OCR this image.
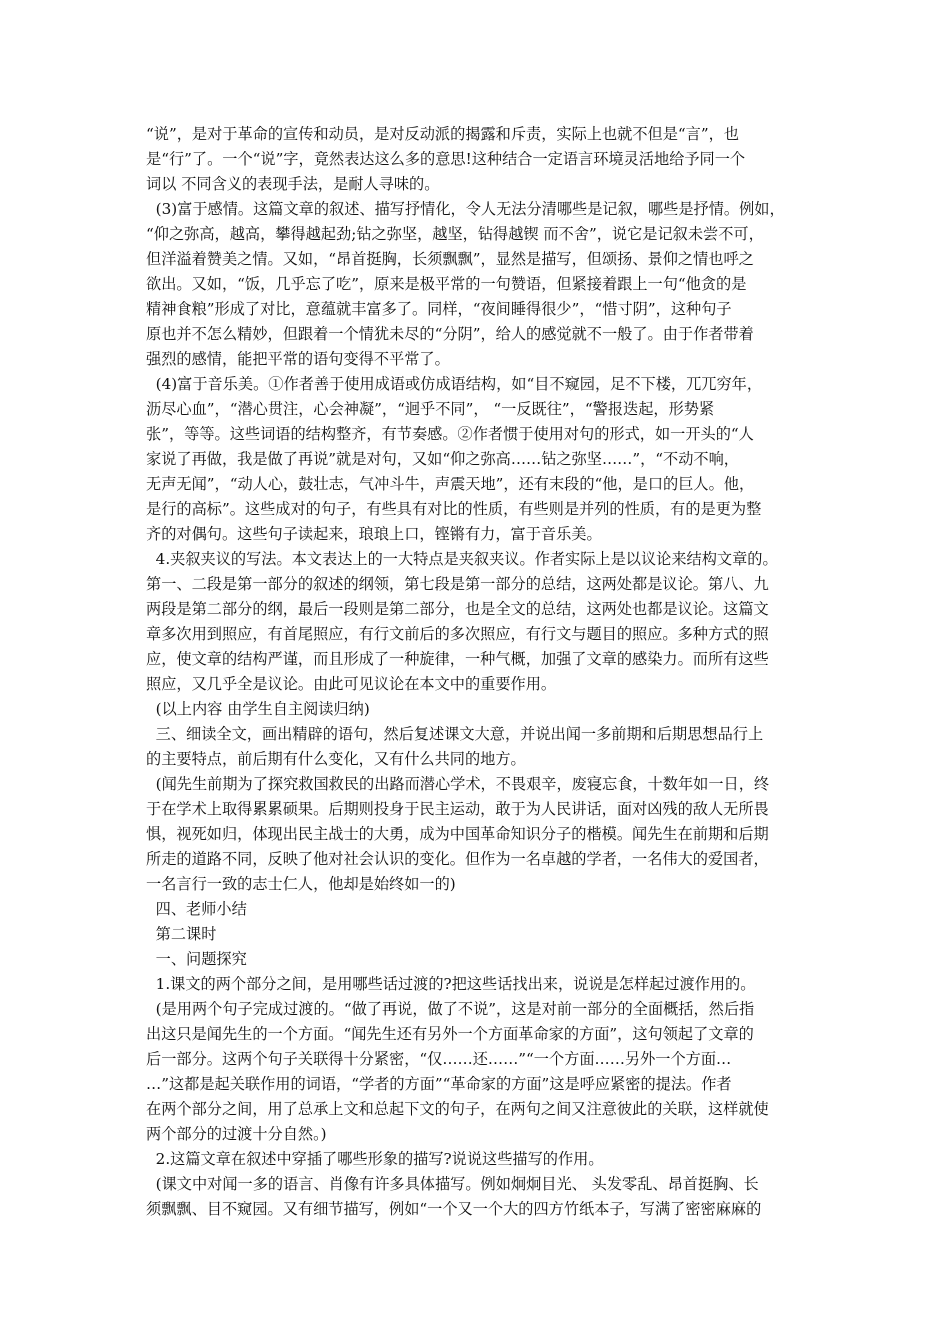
“说”，是对于革命的宣传和动员，是对反动派的揭露和斥责，实际上也就不但是“言”，也
是“行”了。一个“说”字，竟然表达这么多的意思!这种结合一定语言环境灵活地给予同一个
词以 不同含义的表现手法，是耐人寻味的。
(3)富于感情。这篇文章的叙述、描写抒情化，令人无法分清哪些是记叙，哪些是抒情。例如，
“仰之弥高，越高，攀得越起劲;钻之弥坚，越坚，钻得越锲 而不舍”，说它是记叙未尝不可，
但洋溢着赞美之情。又如，“昂首挺胸，长须飘飘”，显然是描写，但颂扬、景仰之情也呼之
欲出。又如，“饭，几乎忘了吃”，原来是极平常的一句赞语，但紧接着跟上一句“他贪的是
精神食粮”形成了对比，意蕴就丰富多了。同样，“夜间睡得很少”，“惜寸阴”，这种句子
原也并不怎么精妙，但跟着一个情犹未尽的“分阴”，给人的感觉就不一般了。由于作者带着
强烈的感情，能把平常的语句变得不平常了。
(4)富于音乐美。①作者善于使用成语或仿成语结构，如“目不窥园，足不下楼，兀兀穷年，
沥尽心血”，“潜心贯注，心会神凝”，“迥乎不同”， “一反既往”，“警报迭起，形势紧
张”，等等。这些词语的结构整齐，有节奏感。②作者惯于使用对句的形式，如一开头的“人
家说了再做，我是做了再说”就是对句，又如“仰之弥高……钻之弥坚……”，“不动不响，
无声无闻”，“动人心，鼓壮志，气冲斗牛，声震天地”，还有末段的“他，是口的巨人。他，
是行的高标”。这些成对的句子，有些具有对比的性质，有些则是并列的性质，有的是更为整
齐的对偶句。这些句子读起来，琅琅上口，铿锵有力，富于音乐美。
4.夹叙夹议的写法。本文表达上的一大特点是夹叙夹议。作者实际上是以议论来结构文章的。
第一、二段是第一部分的叙述的纲领，第七段是第一部分的总结，这两处都是议论。第八、九
两段是第二部分的纲，最后一段则是第二部分，也是全文的总结，这两处也都是议论。这篇文
章多次用到照应，有首尾照应，有行文前后的多次照应，有行文与题目的照应。多种方式的照
应，使文章的结构严谨，而且形成了一种旋律，一种气概，加强了文章的感染力。而所有这些
照应，又几乎全是议论。由此可见议论在本文中的重要作用。
(以上内容 由学生自主阅读归纳)
三、细读全文，画出精辟的语句，然后复述课文大意，并说出闻一多前期和后期思想品行上
的主要特点，前后期有什么变化，又有什么共同的地方。
(闻先生前期为了探究救国救民的出路而潜心学术，不畏艰辛，废寝忘食，十数年如一日，终
于在学术上取得累累硕果。后期则投身于民主运动，敢于为人民讲话，面对凶残的敌人无所畏
惧，视死如归，体现出民主战士的大勇，成为中国革命知识分子的楷模。闻先生在前期和后期
所走的道路不同，反映了他对社会认识的变化。但作为一名卓越的学者，一名伟大的爱国者，
一名言行一致的志士仁人，他却是始终如一的)
四、老师小结
第二课时
一、问题探究
1.课文的两个部分之间，是用哪些话过渡的?把这些话找出来，说说是怎样起过渡作用的。
(是用两个句子完成过渡的。“做了再说，做了不说”，这是对前一部分的全面概括，然后指
出这只是闻先生的一个方面。“闻先生还有另外一个方面革命家的方面”，这句领起了文章的
后一部分。这两个句子关联得十分紧密，“仅……还……”“一个方面……另外一个方面…
…”这都是起关联作用的词语，“学者的方面”“革命家的方面”这是呼应紧密的提法。作者
在两个部分之间，用了总承上文和总起下文的句子，在两句之间又注意彼此的关联，这样就使
两个部分的过渡十分自然。)
2.这篇文章在叙述中穿插了哪些形象的描写?说说这些描写的作用。
(课文中对闻一多的语言、肖像有许多具体描写。例如炯炯目光、 头发零乱、昂首挺胸、长
须飘飘、目不窥园。又有细节描写，例如“一个又一个大的四方竹纸本子，写满了密密麻麻的
